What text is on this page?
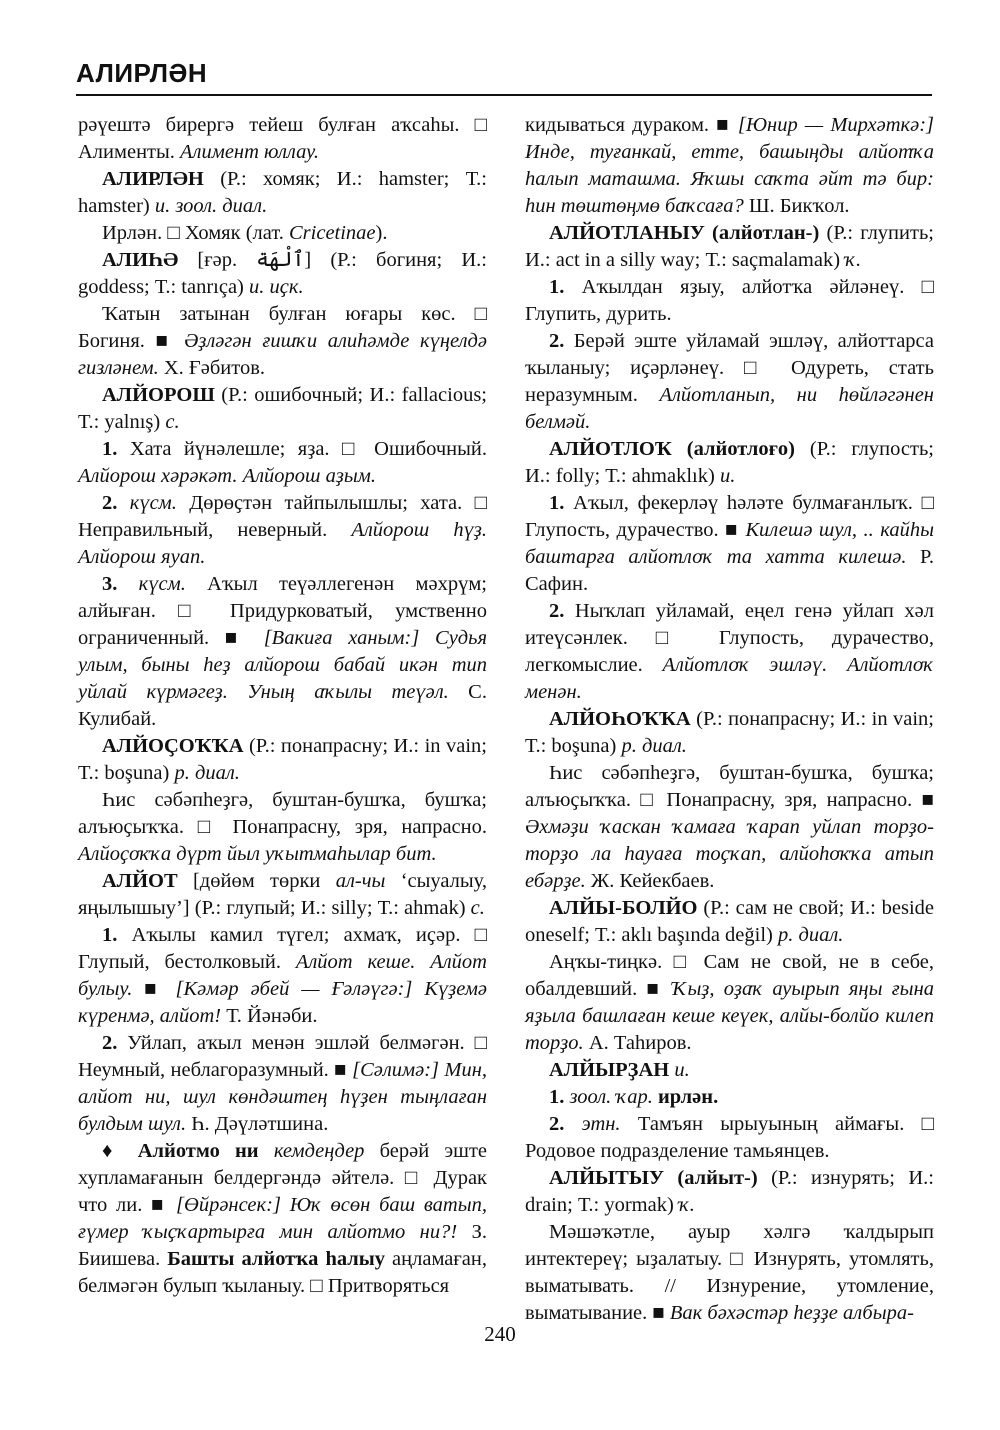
АЛИРЛӘН

рәүештә бирергә тейеш булған аҡсаһы. □ Алименты. Алимент юллау.

АЛИРЛӘН (Р.: хомяк; И.: hamster; Т.: hamster) и. зоол. диал.

Ирлән. □ Хомяк (лат. Cricetinae).

АЛИҺӘ [ғәр. ٱلْهَة] (Р.: богиня; И.: goddess; Т.: tanrıça) и. иҫк.

Ҡатын затынан булған юғары көс. □ Богиня. ■ Әҙләгән ғишҡи алиһәмде күңелдә гизләнем. Х. Ғәбитов.

АЛЙОРОШ (Р.: ошибочный; И.: fallacious; Т.: yalnış) с.

1. Хата йүнәлешле; яҙа. □ Ошибочный. Алйорош хәрәкәт. Алйорош аҙым.

2. күсм. Дөрөҫтән тайпылышлы; хата. □ Неправильный, неверный. Алйорош һүҙ. Алйорош яуап.

3. күсм. Аҡыл теүәллегенән мәхрүм; алйыған. □ Придурковатый, умственно ограниченный. ■ [Вакиға ханым:] Судья улым, быны һеҙ алйорош бабай икән тип уйлай күрмәгеҙ. Уның аҡылы теүәл. С. Кулибай.

АЛЙОҪОҠҠА (Р.: понапрасну; И.: in vain; Т.: boşuna) р. диал.

Һис сәбәпһеҙгә, буштан-бушҡа, бушҡа; алъюҫыҡҡа. □ Понапрасну, зря, напрасно. Алйоҫоҡҡа дүрт йыл уҡытмаһылар бит.

АЛЙОТ [дөйөм төрки ал-чы ‘сыуалыу, яңылышыу’] (Р.: глупый; И.: silly; Т.: ahmak) с.

1. Аҡылы камил түгел; ахмаҡ, иҫәр. □ Глупый, бестолковый. Алйот кеше. Алйот булыу. ■ [Кәмәр әбей — Ғәләүгә:] Күҙемә күренмә, алйот! Т. Йәнәби.

2. Уйлап, аҡыл менән эшләй белмәгән. □ Неумный, неблагоразумный. ■ [Сәлимә:] Мин, алйот ни, шул көндәштең һүҙен тыңлаған булдым шул. Һ. Дәүләтшина.

♦ Алйотмо ни кемдеңдер берәй эште хупламағанын белдергәндә әйтелә. □ Дурак что ли. ■ [Өйрәнсек:] Юҡ өсөн баш ватып, ғүмер ҡыҫҡартырға мин алйотмо ни?! З. Биишева. Башты алйотҡа һалыу аңламаған, белмәгән булып ҡыланыу. □ Притворяться

кидываться дураком. ■ [Юнир — Мирхәткә:] Инде, туғанкай, етте, башыңды алйотҡа һалып маташма. Яҡшы саҡта әйт тә бир: һин төштөңмө баҡсаға? Ш. Бикҡол.

АЛЙОТЛАНЫУ (алйотлан-) (Р.: глупить; И.: act in a silly way; Т.: saçmalamak) ҡ.

1. Аҡылдан яҙыу, алйотҡа әйләнеү. □ Глупить, дурить.

2. Берәй эште уйламай эшләү, алйоттарса ҡыланыу; иҫәрләнеү. □ Одуреть, стать неразумным. Алйотланып, ни һөйләгәнен белмәй.

АЛЙОТЛОҠ (алйотлоғо) (Р.: глупость; И.: folly; Т.: ahmaklık) и.

1. Аҡыл, фекерләү һәләте булмағанлыҡ. □ Глупость, дурачество. ■ Килешә шул, .. кайһы баштарға алйотлоҡ та хатта килешә. Р. Сафин.

2. Ныҡлап уйламай, еңел генә уйлап хәл итеүсәнлек. □ Глупость, дурачество, легкомыслие. Алйотлоҡ эшләү. Алйотлоҡ менән.

АЛЙОҺОҠҠА (Р.: понапрасну; И.: in vain; Т.: boşuna) р. диал.

Һис сәбәпһеҙгә, буштан-бушҡа, бушҡа; алъюҫыҡҡа. □ Понапрасну, зря, напрасно. ■ Әхмәҙи ҡаскан ҡамаға ҡарап уйлап торҙо-торҙо ла һауаға тоҫҡап, алйоһоҡҡа атып ебәрҙе. Ж. Кейекбаев.

АЛЙЫ-БОЛЙО (Р.: сам не свой; И.: beside oneself; Т.: aklı başında değil) р. диал.

Аңҡы-тиңкә. □ Сам не свой, не в себе, обалдевший. ■ Ҡыҙ, оҙаҡ ауырып яңы ғына яҙыла башлаған кеше кеүек, алйы-болйо килеп торҙо. А. Таһиров.

АЛЙЫРҘАН и.

1. зоол. ҡар. ирлән.

2. этн. Тамъян ырыуының аймағы. □ Родовое подразделение тамьянцев.

АЛЙЫТЫУ (алйыт-) (Р.: изнурять; И.: drain; Т.: yormak) ҡ.

Мәшәҡәтле, ауыр хәлгә ҡалдырып интектереү; ыҙалатыу. □ Изнурять, утомлять, выматывать. // Изнурение, утомление, выматывание. ■ Вак бәхәстәр һеҙҙе албыра-

240
